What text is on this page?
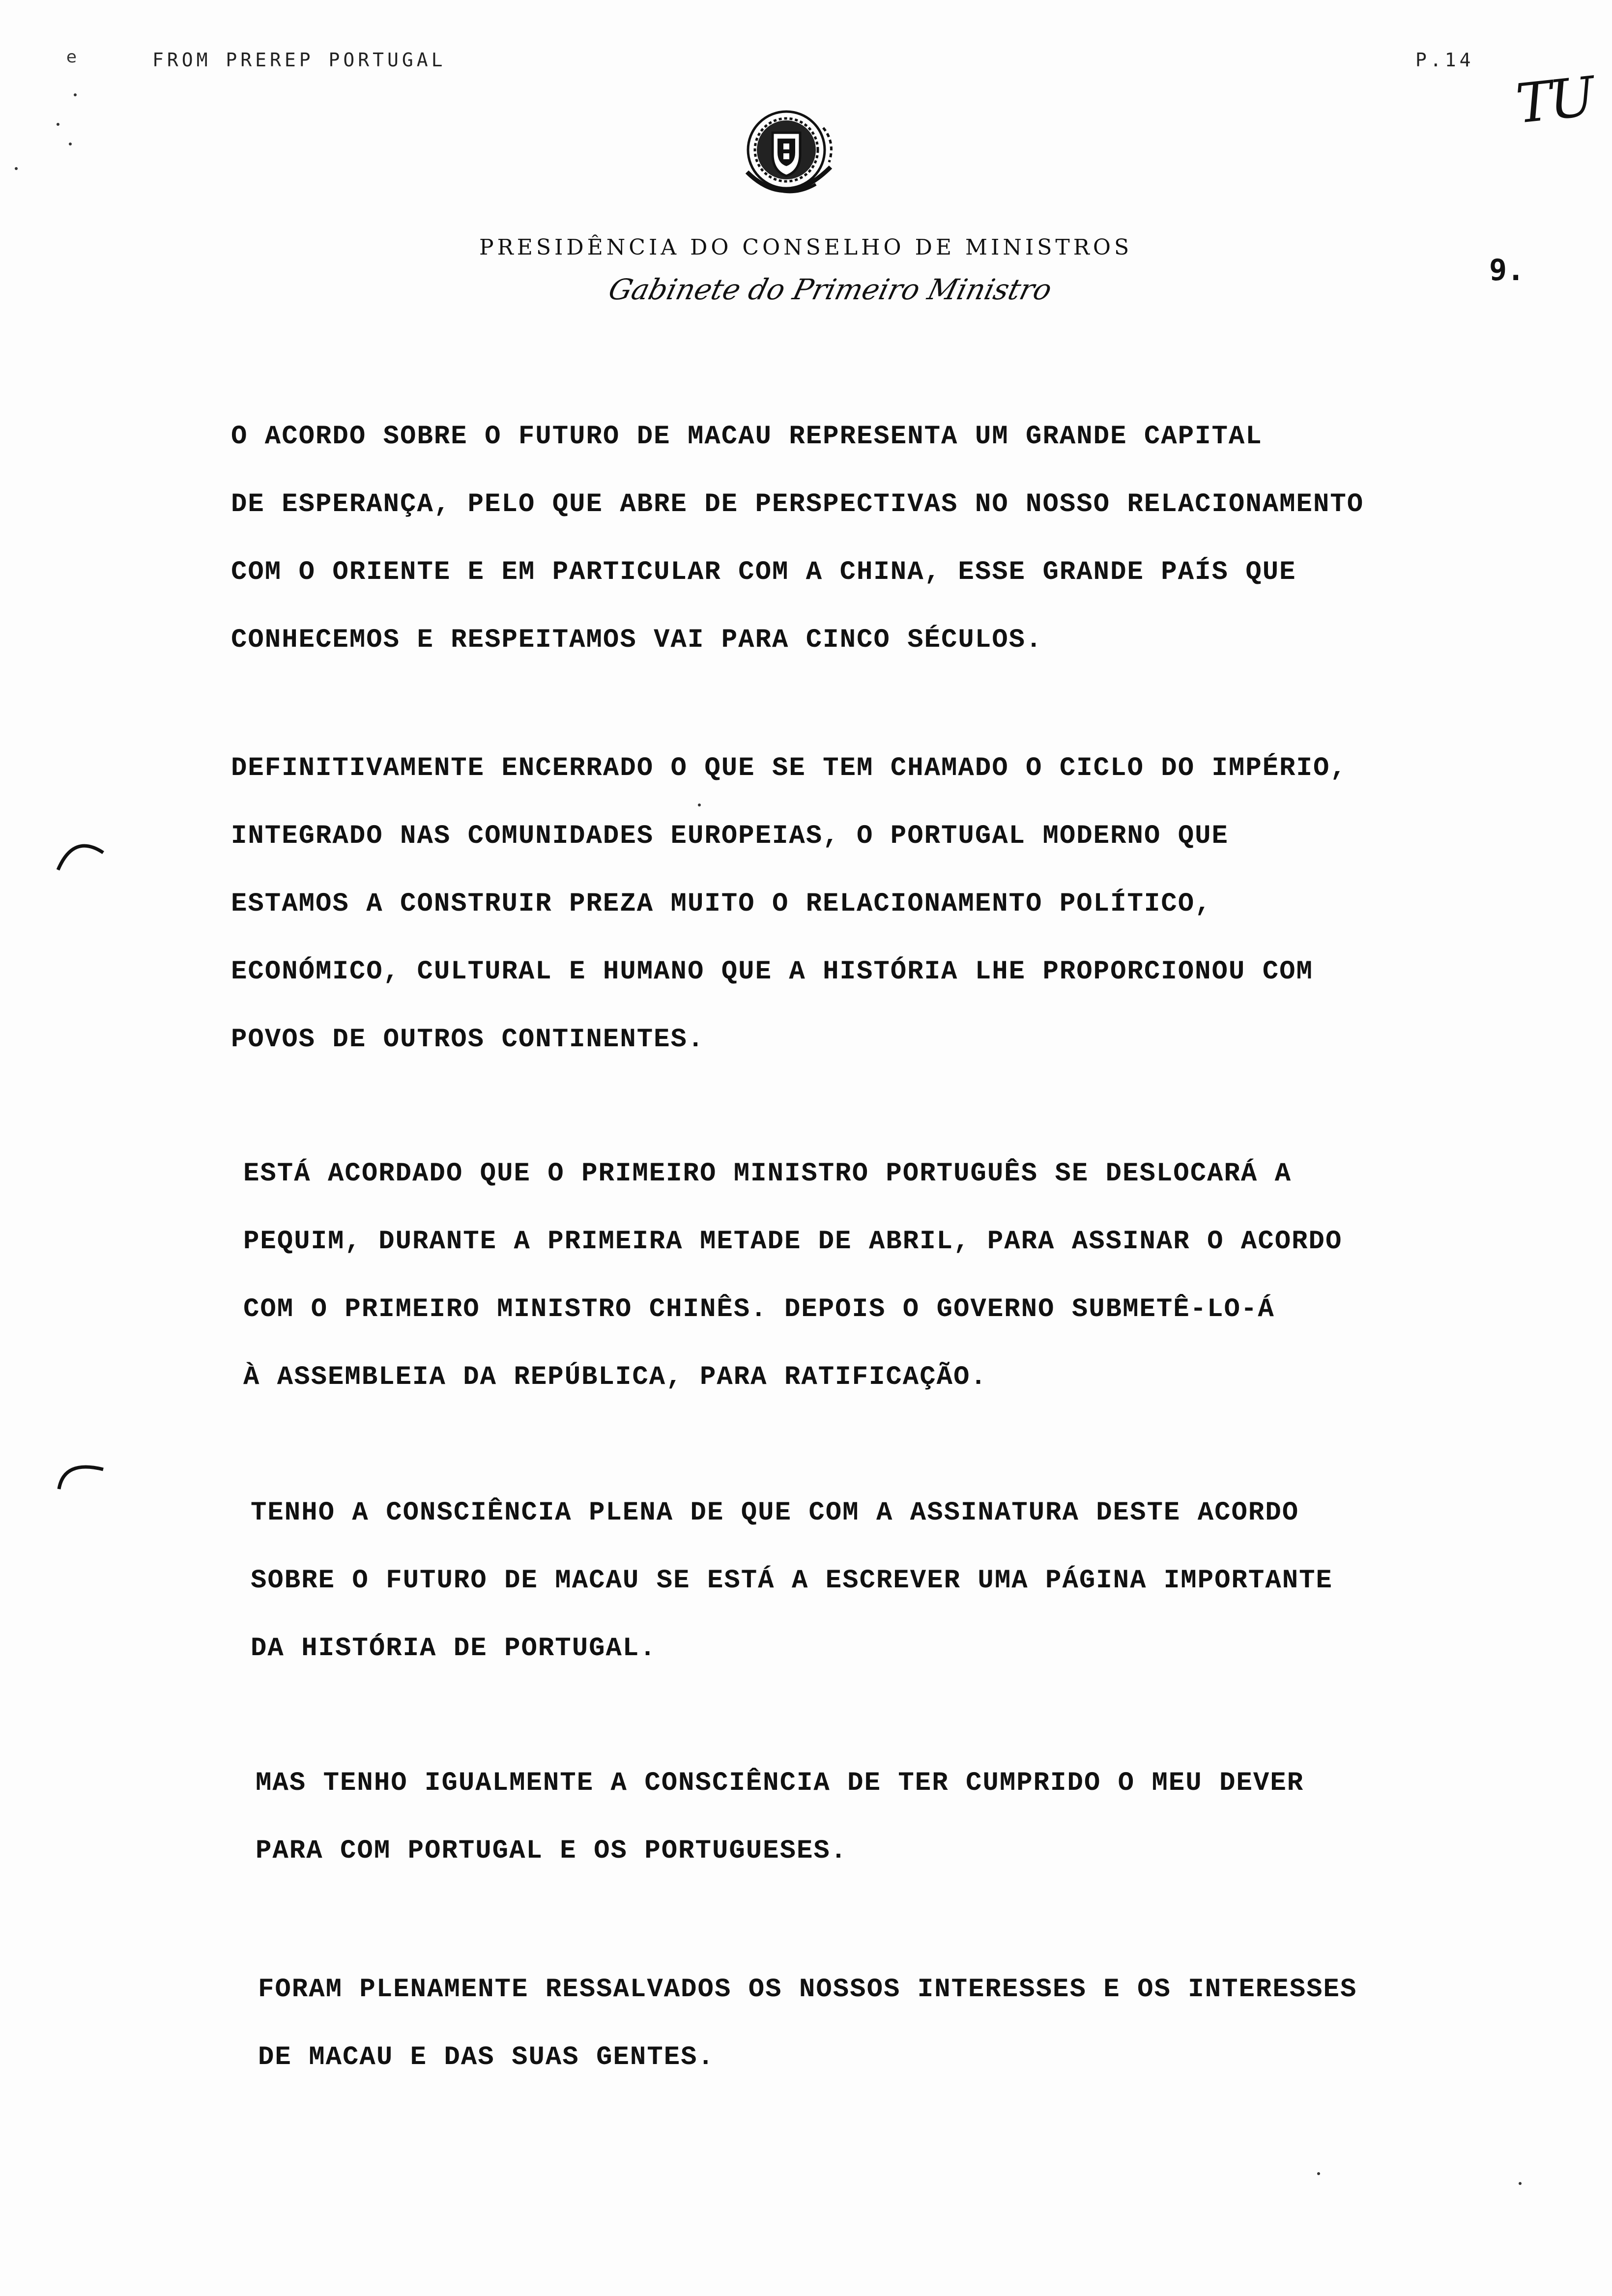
e	FROM PREREP PORTUGAL	P.14
TU
PRESIDÊNCIA DO CONSELHO DE MINISTROS
Gabinete do Primeiro Ministro
9.
O ACORDO SOBRE O FUTURO DE MACAU REPRESENTA UM GRANDE CAPITAL
DE ESPERANÇA, PELO QUE ABRE DE PERSPECTIVAS NO NOSSO RELACIONAMENTO
COM O ORIENTE E EM PARTICULAR COM A CHINA, ESSE GRANDE PAÍS QUE
CONHECEMOS E RESPEITAMOS VAI PARA CINCO SÉCULOS.
DEFINITIVAMENTE ENCERRADO O QUE SE TEM CHAMADO O CICLO DO IMPÉRIO,
INTEGRADO NAS COMUNIDADES EUROPEIAS, O PORTUGAL MODERNO QUE
ESTAMOS A CONSTRUIR PREZA MUITO O RELACIONAMENTO POLÍTICO,
ECONÓMICO, CULTURAL E HUMANO QUE A HISTÓRIA LHE PROPORCIONOU COM
POVOS DE OUTROS CONTINENTES.
ESTÁ ACORDADO QUE O PRIMEIRO MINISTRO PORTUGUÊS SE DESLOCARÁ A
PEQUIM, DURANTE A PRIMEIRA METADE DE ABRIL, PARA ASSINAR O ACORDO
COM O PRIMEIRO MINISTRO CHINÊS. DEPOIS O GOVERNO SUBMETÊ-LO-Á
À ASSEMBLEIA DA REPÚBLICA, PARA RATIFICAÇÃO.
TENHO A CONSCIÊNCIA PLENA DE QUE COM A ASSINATURA DESTE ACORDO
SOBRE O FUTURO DE MACAU SE ESTÁ A ESCREVER UMA PÁGINA IMPORTANTE
DA HISTÓRIA DE PORTUGAL.
MAS TENHO IGUALMENTE A CONSCIÊNCIA DE TER CUMPRIDO O MEU DEVER
PARA COM PORTUGAL E OS PORTUGUESES.
FORAM PLENAMENTE RESSALVADOS OS NOSSOS INTERESSES E OS INTERESSES
DE MACAU E DAS SUAS GENTES.
